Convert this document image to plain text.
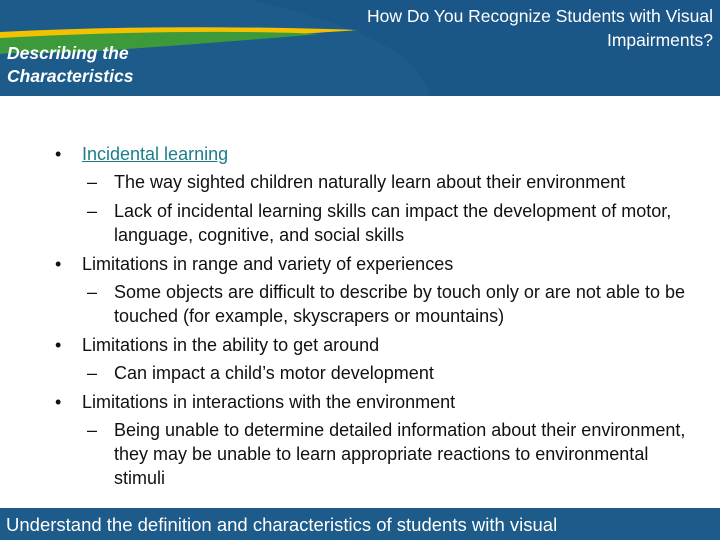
Describing the Characteristics
How Do You Recognize Students with Visual Impairments?
• Incidental learning
– The way sighted children naturally learn about their environment
– Lack of incidental learning skills can impact the development of motor, language, cognitive, and social skills
• Limitations in range and variety of experiences
– Some objects are difficult to describe by touch only or are not able to be touched (for example, skyscrapers or mountains)
• Limitations in the ability to get around
– Can impact a child’s motor development
• Limitations in interactions with the environment
– Being unable to determine detailed information about their environment, they may be unable to learn appropriate reactions to environmental stimuli
Understand the definition and characteristics of students with visual
